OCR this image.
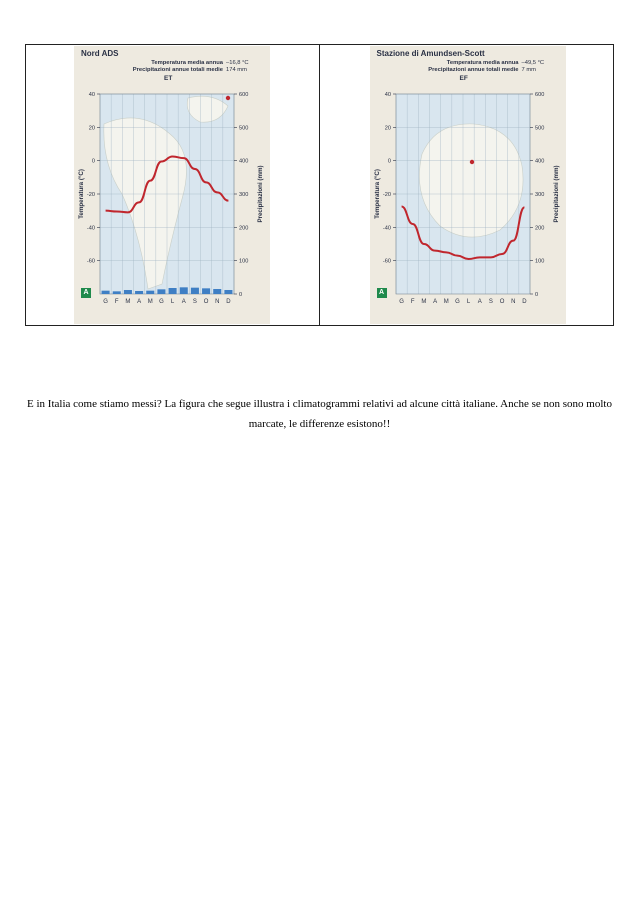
Nord ADS
Temperatura media annua –16,8 °C
Precipitazioni annue totali medie 174 mm
ET
40
20
0
-20
-40
-60
600
500
400
300
200
100
0
Temperatura (°C)	Precipitazioni (mm)
G F M A M G L A S O N D
A
Stazione di Amundsen-Scott
Temperatura media annua –49,5 °C
Precipitazioni annue totali medie 7 mm
EF
40
20
0
-20
-40
-60
600
500
400
300
200
100
0
Temperatura (°C)	Precipitazioni (mm)
G F M A M G L A S O N D
A

E in Italia come stiamo messi? La figura che segue illustra i climatogrammi relativi ad alcune città italiane. Anche se non sono molto marcate, le differenze esistono!!
